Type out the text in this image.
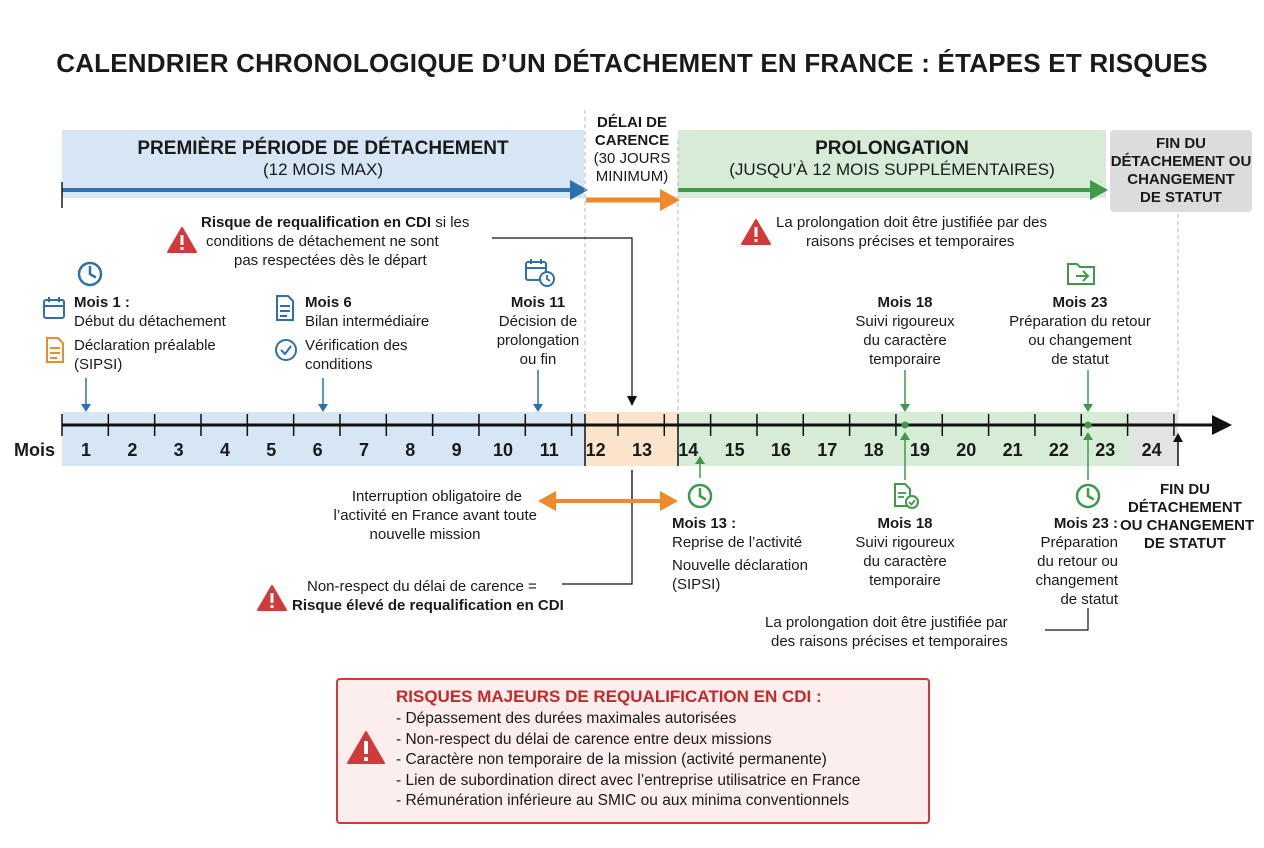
CALENDRIER CHRONOLOGIQUE D’UN DÉTACHEMENT EN FRANCE : ÉTAPES ET RISQUES
PREMIÈRE PÉRIODE DE DÉTACHEMENT
(12 MOIS MAX)
DÉLAI DE
CARENCE
(30 JOURS
MINIMUM)
PROLONGATION
(JUSQU’À 12 MOIS SUPPLÉMENTAIRES)
FIN DU
DÉTACHEMENT OU
CHANGEMENT
DE STATUT
Risque de requalification en CDI si les
conditions de détachement ne sont
pas respectées dès le départ
La prolongation doit être justifiée par des
raisons précises et temporaires
Mois 1 :
Début du détachement
Déclaration préalable
(SIPSI)
Mois 6
Bilan intermédiaire
Vérification des
conditions
Mois 11
Décision de
prolongation
ou fin
Mois 18
Suivi rigoureux
du caractère
temporaire
Mois 23
Préparation du retour
ou changement
de statut
Mois	1	2	3	4	5	6	7	8	9	10	11	12	13	14	15	16	17	18	19	20	21	22	23	24
Interruption obligatoire de
l’activité en France avant toute
nouvelle mission
Non-respect du délai de carence =
Risque élevé de requalification en CDI
Mois 13 :
Reprise de l’activité
Nouvelle déclaration
(SIPSI)
Mois 18
Suivi rigoureux
du caractère
temporaire
Mois 23 :
Préparation
du retour ou
changement
de statut
FIN DU
DÉTACHEMENT
OU CHANGEMENT
DE STATUT
La prolongation doit être justifiée par
des raisons précises et temporaires
RISQUES MAJEURS DE REQUALIFICATION EN CDI :
- Dépassement des durées maximales autorisées
- Non-respect du délai de carence entre deux missions
- Caractère non temporaire de la mission (activité permanente)
- Lien de subordination direct avec l’entreprise utilisatrice en France
- Rémunération inférieure au SMIC ou aux minima conventionnels
